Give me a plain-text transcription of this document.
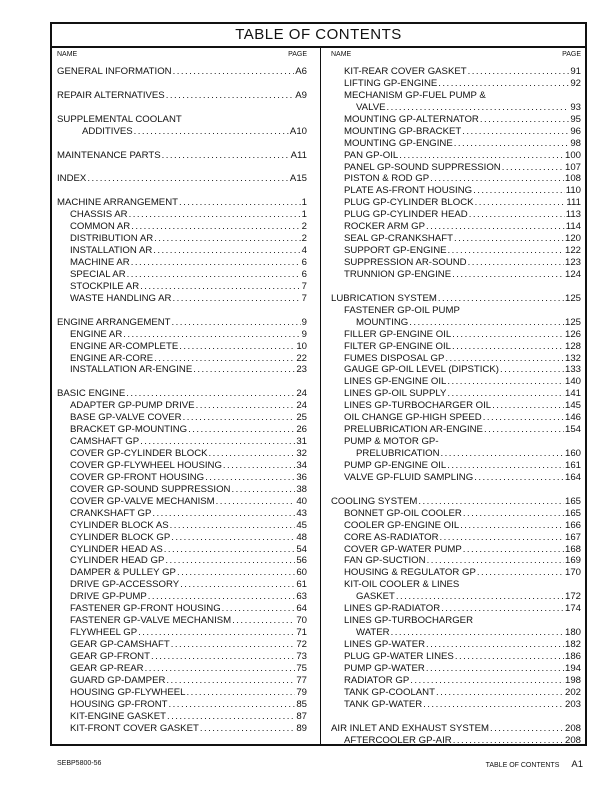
TABLE OF CONTENTS
NAME	PAGE
GENERAL INFORMATION . . .	A6
REPAIR ALTERNATIVES . . .	A9
SUPPLEMENTAL COOLANT
ADDITIVES . . .	A10
MAINTENANCE PARTS . . .	A11
INDEX . . .	A15
MACHINE ARRANGEMENT . . .	1
CHASSIS AR . . .	1
COMMON AR . . .	2
DISTRIBUTION AR . . .	2
INSTALLATION AR . . .	4
MACHINE AR . . .	6
SPECIAL AR . . .	6
STOCKPILE AR . . .	7
WASTE HANDLING AR . . .	7
ENGINE ARRANGEMENT . . .	9
ENGINE AR . . .	9
ENGINE AR-COMPLETE . . .	10
ENGINE AR-CORE . . .	22
INSTALLATION AR-ENGINE . . .	23
BASIC ENGINE . . .	24
ADAPTER GP-PUMP DRIVE . . .	24
BASE GP-VALVE COVER . . .	25
BRACKET GP-MOUNTING . . .	26
CAMSHAFT GP . . .	31
COVER GP-CYLINDER BLOCK . . .	32
COVER GP-FLYWHEEL HOUSING . . .	34
COVER GP-FRONT HOUSING . . .	36
COVER GP-SOUND SUPPRESSION . . .	38
COVER GP-VALVE MECHANISM . . .	40
CRANKSHAFT GP . . .	43
CYLINDER BLOCK AS . . .	45
CYLINDER BLOCK GP . . .	48
CYLINDER HEAD AS . . .	54
CYLINDER HEAD GP . . .	56
DAMPER & PULLEY GP . . .	60
DRIVE GP-ACCESSORY . . .	61
DRIVE GP-PUMP . . .	63
FASTENER GP-FRONT HOUSING . . .	64
FASTENER GP-VALVE MECHANISM . . .	70
FLYWHEEL GP . . .	71
GEAR GP-CAMSHAFT . . .	72
GEAR GP-FRONT . . .	73
GEAR GP-REAR . . .	75
GUARD GP-DAMPER . . .	77
HOUSING GP-FLYWHEEL . . .	79
HOUSING GP-FRONT . . .	85
KIT-ENGINE GASKET . . .	87
KIT-FRONT COVER GASKET . . .	89
NAME	PAGE
KIT-REAR COVER GASKET . . .	91
LIFTING GP-ENGINE . . .	92
MECHANISM GP-FUEL PUMP &
VALVE . . .	93
MOUNTING GP-ALTERNATOR . . .	95
MOUNTING GP-BRACKET . . .	96
MOUNTING GP-ENGINE . . .	98
PAN GP-OIL . . .	100
PANEL GP-SOUND SUPPRESSION . . .	107
PISTON & ROD GP . . .	108
PLATE AS-FRONT HOUSING . . .	110
PLUG GP-CYLINDER BLOCK . . .	111
PLUG GP-CYLINDER HEAD . . .	113
ROCKER ARM GP . . .	114
SEAL GP-CRANKSHAFT . . .	120
SUPPORT GP-ENGINE . . .	122
SUPPRESSION AR-SOUND . . .	123
TRUNNION GP-ENGINE . . .	124
LUBRICATION SYSTEM . . .	125
FASTENER GP-OIL PUMP
MOUNTING . . .	125
FILLER GP-ENGINE OIL . . .	126
FILTER GP-ENGINE OIL . . .	128
FUMES DISPOSAL GP . . .	132
GAUGE GP-OIL LEVEL (DIPSTICK) . . .	133
LINES GP-ENGINE OIL . . .	140
LINES GP-OIL SUPPLY . . .	141
LINES GP-TURBOCHARGER OIL . . .	145
OIL CHANGE GP-HIGH SPEED . . .	146
PRELUBRICATION AR-ENGINE . . .	154
PUMP & MOTOR GP-
PRELUBRICATION . . .	160
PUMP GP-ENGINE OIL . . .	161
VALVE GP-FLUID SAMPLING . . .	164
COOLING SYSTEM . . .	165
BONNET GP-OIL COOLER . . .	165
COOLER GP-ENGINE OIL . . .	166
CORE AS-RADIATOR . . .	167
COVER GP-WATER PUMP . . .	168
FAN GP-SUCTION . . .	169
HOUSING & REGULATOR GP . . .	170
KIT-OIL COOLER & LINES
GASKET . . .	172
LINES GP-RADIATOR . . .	174
LINES GP-TURBOCHARGER
WATER . . .	180
LINES GP-WATER . . .	182
PLUG GP-WATER LINES . . .	186
PUMP GP-WATER . . .	194
RADIATOR GP . . .	198
TANK GP-COOLANT . . .	202
TANK GP-WATER . . .	203
AIR INLET AND EXHAUST SYSTEM . . .	208
AFTERCOOLER GP-AIR . . .	208
SEBP5800-56	TABLE OF CONTENTS A1
